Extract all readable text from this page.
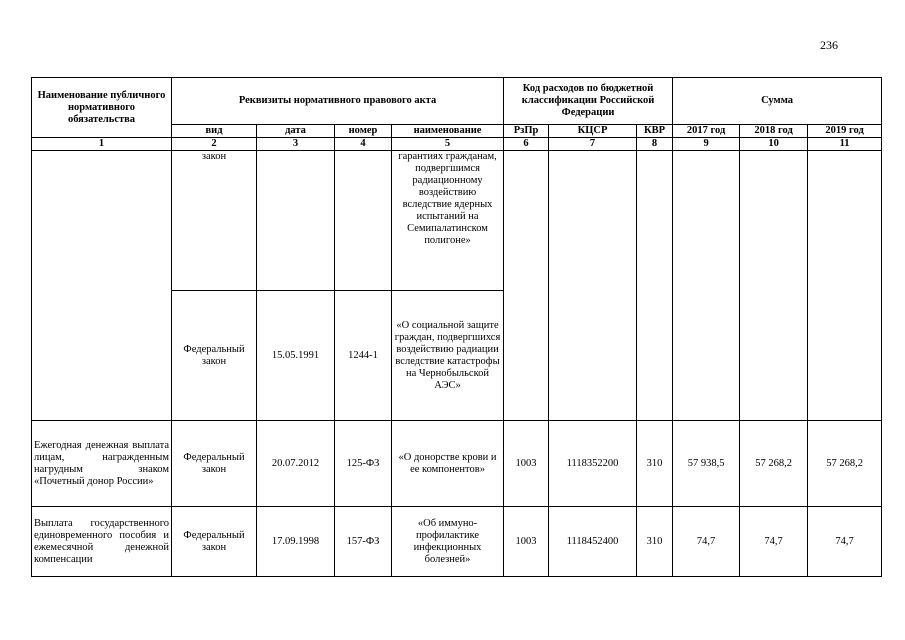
236
Наименование публичного нормативного обязательства	Реквизиты нормативного правового акта				Код расходов по бюджетной классификации Российской Федерации			Сумма		
	вид	дата	номер	наименование	РзПр	КЦСР	КВР	2017 год	2018 год	2019 год
1	2	3	4	5	6	7	8	9	10	11
	закон			гарантиях гражданам, подвергшимся радиационному воздействию вследствие ядерных испытаний на Семипалатинском полигоне»						
	Федеральный закон	15.05.1991	1244-1	«О социальной защите граждан, подвергшихся воздействию радиации вследствие катастрофы на Чернобыльской АЭС»						
Ежегодная денежная выплата лицам, награжденным нагрудным знаком «Почетный донор России»	Федеральный закон	20.07.2012	125-ФЗ	«О донорстве крови и ее компонентов»	1003	1118352200	310	57 938,5	57 268,2	57 268,2
Выплата государственного единовременного пособия и ежемесячной денежной компенсации	Федеральный закон	17.09.1998	157-ФЗ	«Об иммуно-профилактике инфекционных болезней»	1003	1118452400	310	74,7	74,7	74,7
